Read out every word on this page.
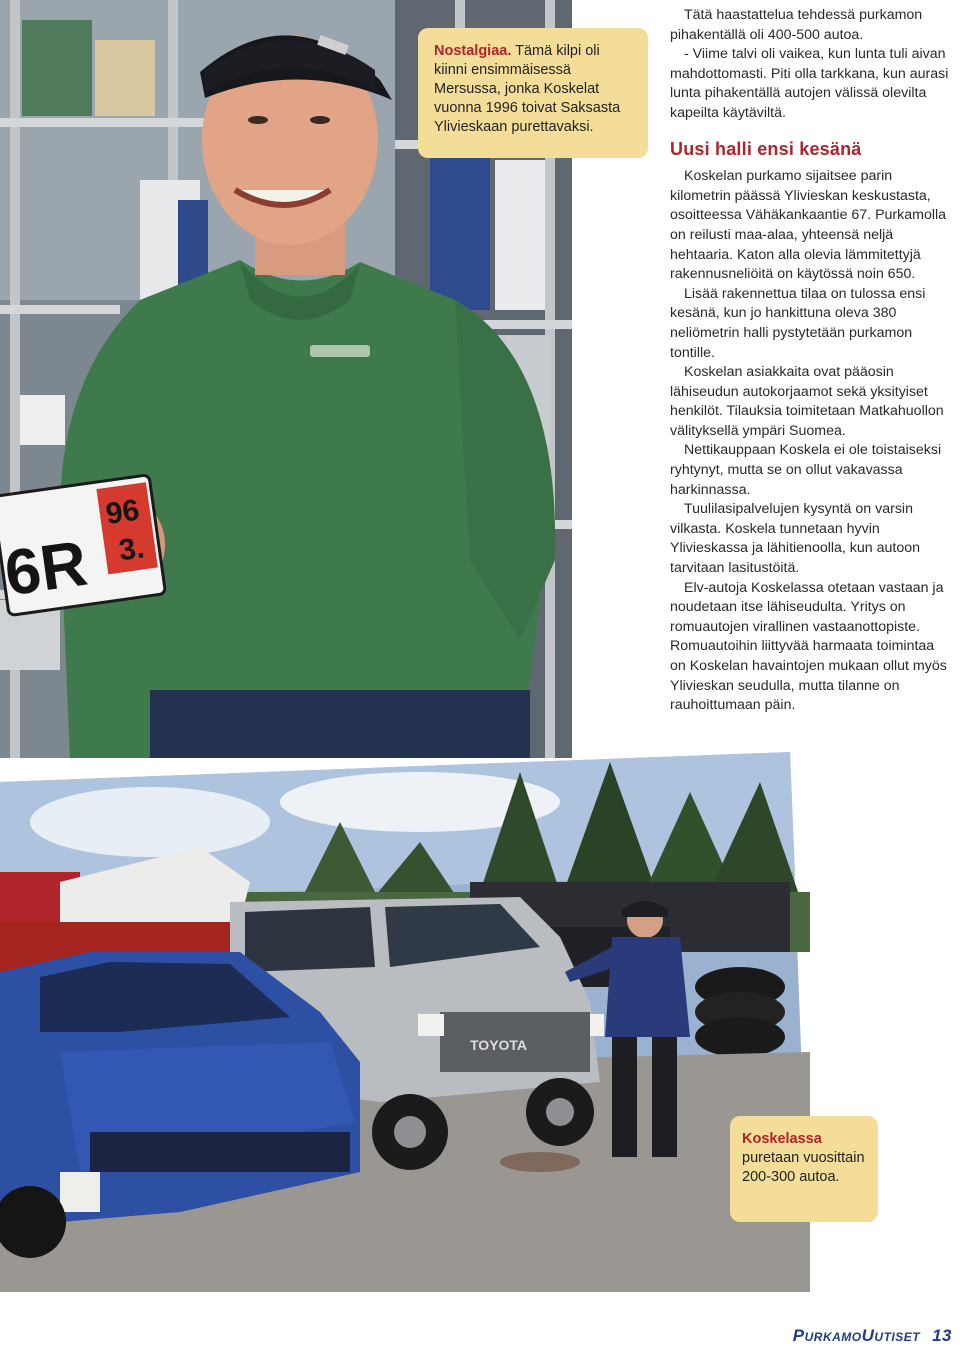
6R
96
3.
Nostalgiaa. Tämä kilpi oli kiinni ensimmäisessä Mersussa, jonka Koskelat vuonna 1996 toivat Saksasta Ylivieskaan purettavaksi.

Tätä haastattelua tehdessä purkamon pihakentällä oli 400-500 autoa.

- Viime talvi oli vaikea, kun lunta tuli aivan mahdottomasti. Piti olla tarkkana, kun aurasi lunta pihakentällä autojen välissä olevilta kapeilta käytäviltä.

Uusi halli ensi kesänä

Koskelan purkamo sijaitsee parin kilometrin päässä Ylivieskan keskustasta, osoitteessa Vähäkankaantie 67. Purkamolla on reilusti maa-alaa, yhteensä neljä hehtaaria. Katon alla olevia lämmitettyjä rakennusneliöitä on käytössä noin 650.

Lisää rakennettua tilaa on tulossa ensi kesänä, kun jo hankittuna oleva 380 neliömetrin halli pystytetään purkamon tontille.

Koskelan asiakkaita ovat pääosin lähiseudun autokorjaamot sekä yksityiset henkilöt. Tilauksia toimitetaan Matkahuollon välityksellä ympäri Suomea.

Nettikauppaan Koskela ei ole toistaiseksi ryhtynyt, mutta se on ollut vakavassa harkinnassa.

Tuulilasipalvelujen kysyntä on varsin vilkasta. Koskela tunnetaan hyvin Ylivieskassa ja lähitienoolla, kun autoon tarvitaan lasitustöitä.

Elv-autoja Koskelassa otetaan vastaan ja noudetaan itse lähiseudulta. Yritys on romuautojen virallinen vastaanottopiste. Romuautoihin liittyvää harmaata toimintaa on Koskelan havaintojen mukaan ollut myös Ylivieskan seudulla, mutta tilanne on rauhoittumaan päin.

TOYOTA
Koskelassa
puretaan vuosittain 200-300 autoa.
PurkamoUutiset 13
